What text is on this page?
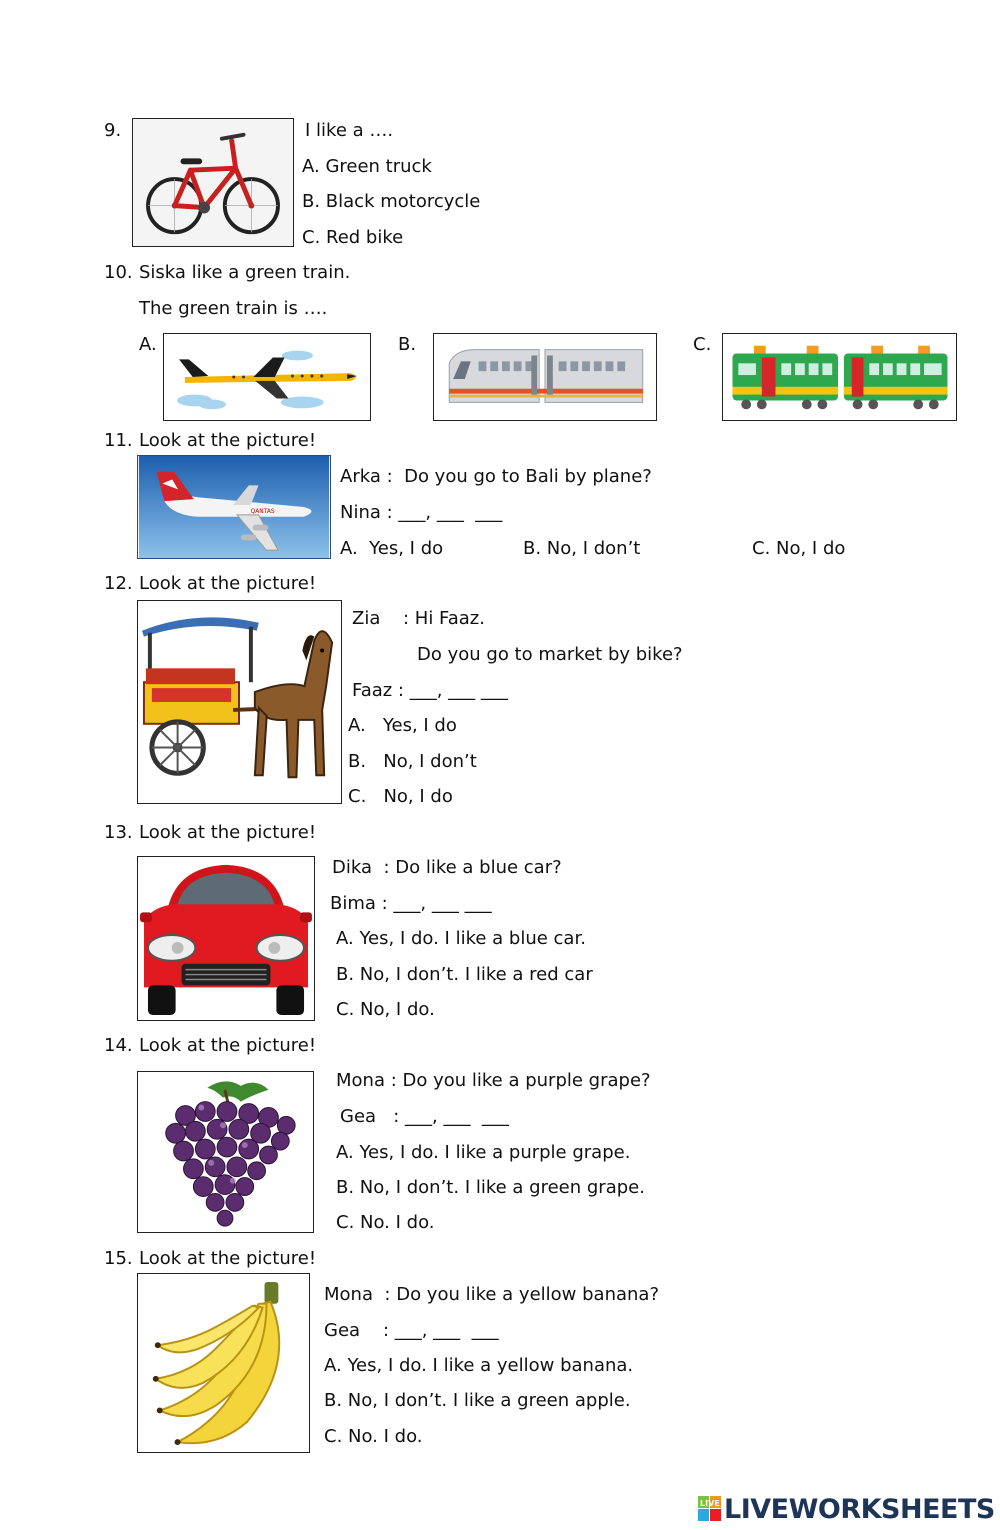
9.	I like a ….
A. Green truck
B. Black motorcycle
C. Red bike
10. Siska like a green train.
The green train is ….
A.	B.	C.
11. Look at the picture!
QANTAS
Arka :  Do you go to Bali by plane?
Nina : ___, ___  ___
A.  Yes, I do	B. No, I don’t	C. No, I do
12. Look at the picture!
Zia : Hi Faaz.
Do you go to market by bike?
Faaz : ___, ___ ___
A.   Yes, I do
B.   No, I don’t
C.   No, I do
13. Look at the picture!
Dika  : Do like a blue car?
Bima : ___, ___ ___
A. Yes, I do. I like a blue car.
B. No, I don’t. I like a red car
C. No, I do.
14. Look at the picture!
Mona : Do you like a purple grape?
Gea   : ___, ___  ___
A. Yes, I do. I like a purple grape.
B. No, I don’t. I like a green grape.
C. No. I do.
15. Look at the picture!
Mona  : Do you like a yellow banana?
Gea    : ___, ___  ___
A. Yes, I do. I like a yellow banana.
B. No, I don’t. I like a green apple.
C. No. I do.
LIVE LIVEWORKSHEETS
